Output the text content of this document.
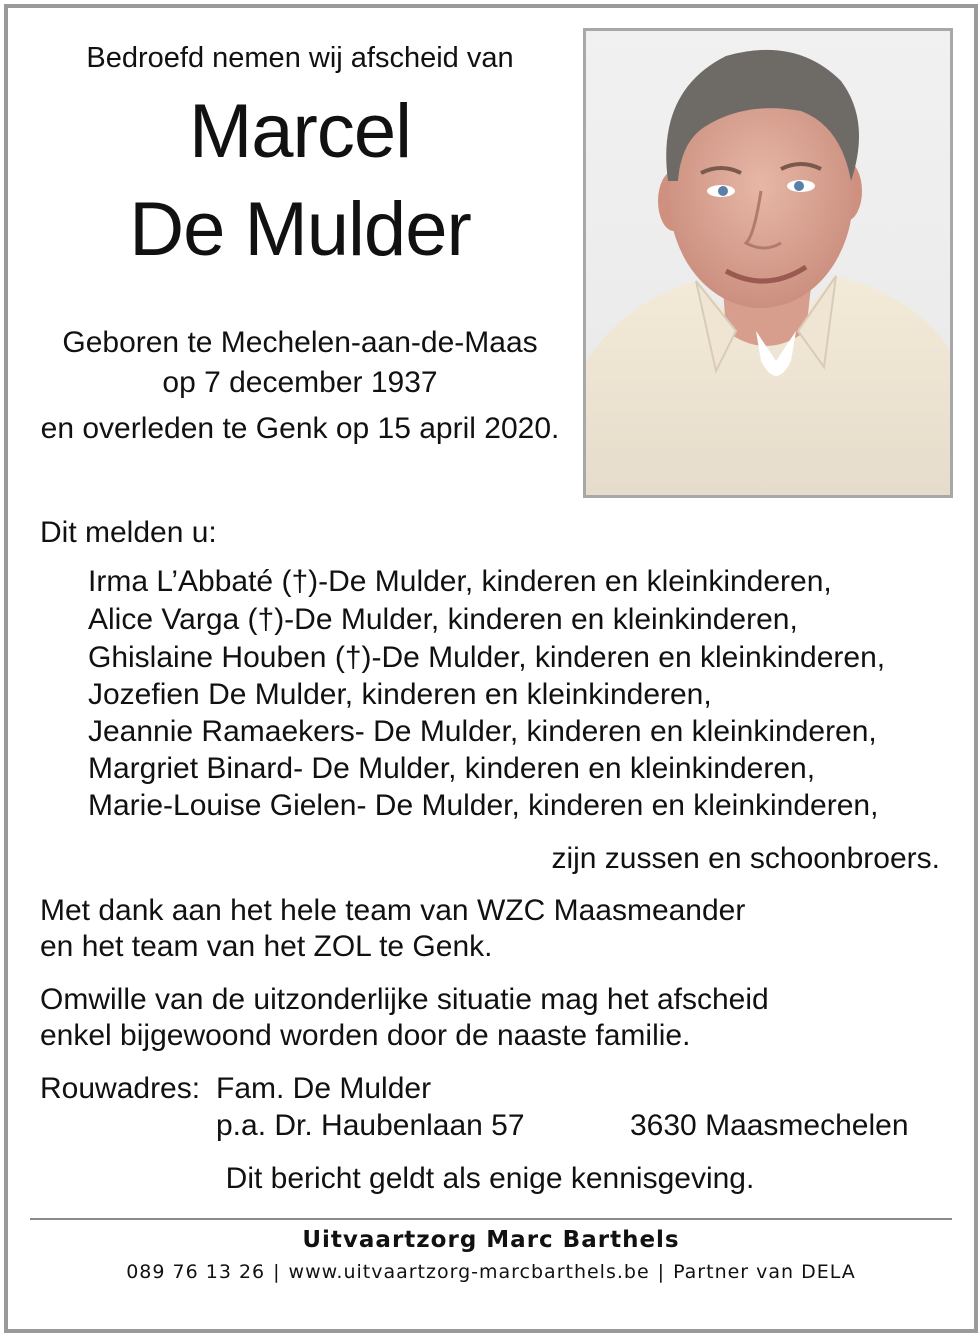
Bedroefd nemen wij afscheid van
Marcel
De Mulder
Geboren te Mechelen-aan-de-Maas
op 7 december 1937
en overleden te Genk op 15 april 2020.
Dit melden u:
Irma L’Abbaté (†)-De Mulder, kinderen en kleinkinderen,
Alice Varga (†)-De Mulder, kinderen en kleinkinderen,
Ghislaine Houben (†)-De Mulder, kinderen en kleinkinderen,
Jozefien De Mulder, kinderen en kleinkinderen,
Jeannie Ramaekers- De Mulder, kinderen en kleinkinderen,
Margriet Binard- De Mulder, kinderen en kleinkinderen,
Marie-Louise Gielen- De Mulder, kinderen en kleinkinderen,
zijn zussen en schoonbroers.
Met dank aan het hele team van WZC Maasmeander
en het team van het ZOL te Genk.
Omwille van de uitzonderlijke situatie mag het afscheid
enkel bijgewoond worden door de naaste familie.
Rouwadres: Fam. De Mulder
p.a. Dr. Haubenlaan 57	3630 Maasmechelen
Dit bericht geldt als enige kennisgeving.
Uitvaartzorg Marc Barthels
089 76 13 26 | www.uitvaartzorg-marcbarthels.be | Partner van DELA
